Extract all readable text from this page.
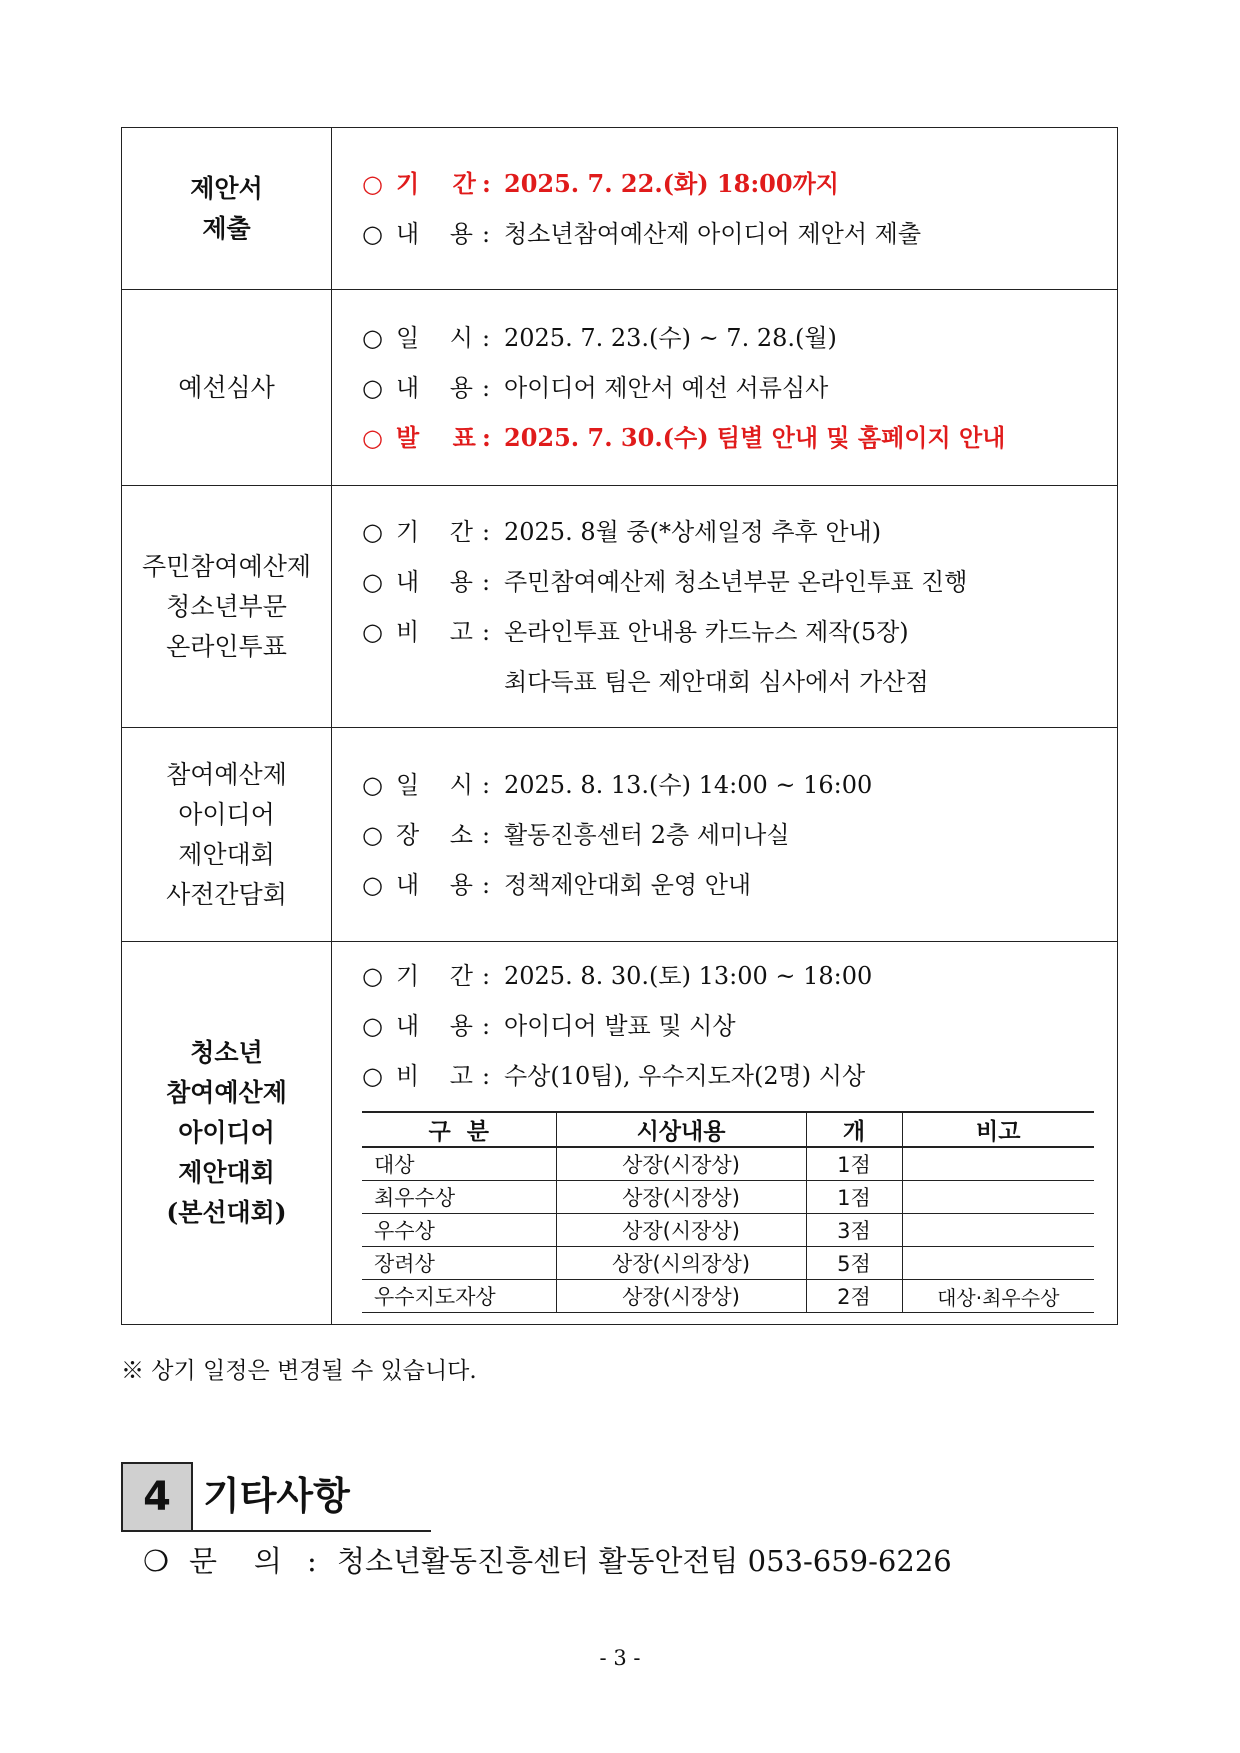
제안서
제출

○ 기    간 : 2025. 7. 22.(화) 18:00까지
○ 내    용 : 청소년참여예산제 아이디어 제안서 제출

예선심사

○ 일    시 : 2025. 7. 23.(수) ~ 7. 28.(월)
○ 내    용 : 아이디어 제안서 예선 서류심사
○ 발    표 : 2025. 7. 30.(수) 팀별 안내 및 홈페이지 안내

주민참여예산제
청소년부문
온라인투표

○ 기    간 : 2025. 8월 중(*상세일정 추후 안내)
○ 내    용 : 주민참여예산제 청소년부문 온라인투표 진행
○ 비    고 : 온라인투표 안내용 카드뉴스 제작(5장)
최다득표 팀은 제안대회 심사에서 가산점

참여예산제
아이디어
제안대회
사전간담회

○ 일    시 : 2025. 8. 13.(수) 14:00 ~ 16:00
○ 장    소 : 활동진흥센터 2층 세미나실
○ 내    용 : 정책제안대회 운영 안내

청소년
참여예산제
아이디어
제안대회
(본선대회)

○ 기    간 : 2025. 8. 30.(토) 13:00 ~ 18:00
○ 내    용 : 아이디어 발표 및 시상
○ 비    고 : 수상(10팀), 우수지도자(2명) 시상
구  분	시상내용	개	비고
대상	상장(시장상)	1점	
최우수상	상장(시장상)	1점	
우수상	상장(시장상)	3점	
장려상	상장(시의장상)	5점	
우수지도자상	상장(시장상)	2점	대상·최우수상
※ 상기 일정은 변경될 수 있습니다.
4 기타사항
❍ 문    의 : 청소년활동진흥센터 활동안전팀 053-659-6226
- 3 -
